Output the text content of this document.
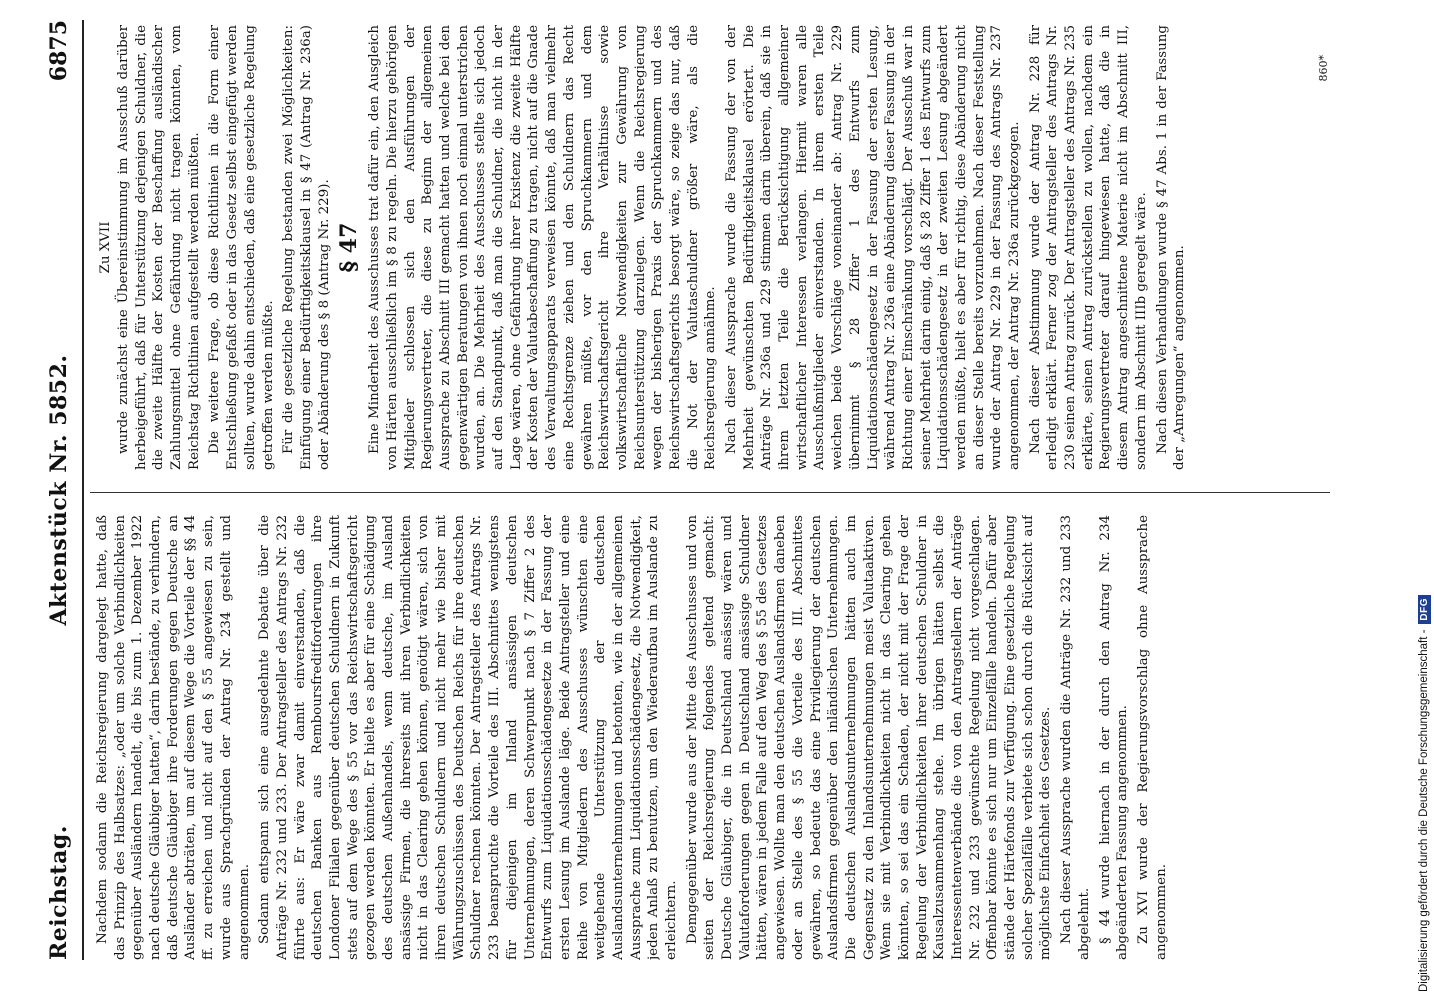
Reichstag.
Aktenstück Nr. 5852.
6875

Nachdem sodann die Reichsregierung dargelegt hatte, daß das Prinzip des Halbsatzes: „oder um solche Verbindlichkeiten gegenüber Ausländern handelt, die bis zum 1. Dezember 1922 nach deutsche Gläubiger hatten“, darin bestände, zu verhindern, daß deutsche Gläubiger ihre Forderungen gegen Deutsche an Ausländer abträten, um auf diesem Wege die Vorteile der §§ 44 ff. zu erreichen und nicht auf den § 55 angewiesen zu sein, wurde aus Sprachgründen der Antrag Nr. 234 gestellt und angenommen. Sodann entspann sich eine ausgedehnte Debatte über die Anträge Nr. 232 und 233. Der Antragsteller des Antrags Nr. 232 führte aus: Er wäre zwar damit einverstanden, daß die deutschen Banken aus Remboursfreditforderungen ihre Londoner Filialen gegenüber deutschen Schuldnern in Zukunft stets auf dem Wege des § 55 vor das Reichswirtschaftsgericht gezogen werden könnten. Er hielte es aber für eine Schädigung des deutschen Außenhandels, wenn deutsche, im Ausland ansässige Firmen, die ihrerseits mit ihren Verbindlichkeiten nicht in das Clearing gehen können, genötigt wären, sich von ihren deutschen Schuldnern und nicht mehr wie bisher mit Währungszuschüssen des Deutschen Reichs für ihre deutschen Schuldner rechnen könnten. Der Antragsteller des Antrags Nr. 233 beanspruchte die Vorteile des III. Abschnittes wenigstens für diejenigen im Inland ansässigen deutschen Unternehmungen, deren Schwerpunkt nach § 7 Ziffer 2 des Entwurfs zum Liquidationsschädengesetze in der Fassung der ersten Lesung im Auslande läge. Beide Antragsteller und eine Reihe von Mitgliedern des Ausschusses wünschten eine weitgehende Unterstützung der deutschen Auslandsunternehmungen und betonten, wie in der allgemeinen Aussprache zum Liquidationsschädengesetz, die Notwendigkeit, jeden Anlaß zu benutzen, um den Wiederaufbau im Auslande zu erleichtern. Demgegenüber wurde aus der Mitte des Ausschusses und von seiten der Reichsregierung folgendes geltend gemacht: Deutsche Gläubiger, die in Deutschland ansässig wären und Valutaforderungen gegen in Deutschland ansässige Schuldner hätten, wären in jedem Falle auf den Weg des § 55 des Gesetzes angewiesen. Wollte man den deutschen Auslandsfirmen daneben oder an Stelle des § 55 die Vorteile des III. Abschnittes gewähren, so bedeute das eine Privilegierung der deutschen Auslandsfirmen gegenüber den inländischen Unternehmungen. Die deutschen Auslandsunternehmungen hätten auch im Gegensatz zu den Inlandsunternehmungen meist Valutaaktiven. Wenn sie mit Verbindlichkeiten nicht in das Clearing gehen könnten, so sei das ein Schaden, der nicht mit der Frage der Regelung der Verbindlichkeiten ihrer deutschen Schuldner in Kausalzusammenhang stehe. Im übrigen hätten selbst die Interessentenverbände die von den Antragstellern der Anträge Nr. 232 und 233 gewünschte Regelung nicht vorgeschlagen. Offenbar könnte es sich nur um Einzelfälle handeln. Dafür aber stände der Härtefonds zur Verfügung. Eine gesetzliche Regelung solcher Spezialfälle verbiete sich schon durch die Rücksicht auf möglichste Einfachheit des Gesetzes. Nach dieser Aussprache wurden die Anträge Nr. 232 und 233 abgelehnt. § 44 wurde hiernach in der durch den Antrag Nr. 234 abgeänderten Fassung angenommen. Zu XVI wurde der Regierungsvorschlag ohne Aussprache angenommen.

Zu XVII wurde zunächst eine Übereinstimmung im Ausschuß darüber herbeigeführt, daß für Unterstützung derjenigen Schuldner, die die zweite Hälfte der Kosten der Beschaffung ausländischer Zahlungsmittel ohne Gefährdung nicht tragen könnten, vom Reichstag Richtlinien aufgestellt werden müßten. Die weitere Frage, ob diese Richtlinien in die Form einer Entschließung gefaßt oder in das Gesetz selbst eingefügt werden sollten, wurde dahin entschieden, daß eine gesetzliche Regelung getroffen werden müßte. Für die gesetzliche Regelung bestanden zwei Möglichkeiten: Einfügung einer Bedürftigkeitsklausel in § 47 (Antrag Nr. 236a) oder Abänderung des § 8 (Antrag Nr. 229). § 47 Eine Minderheit des Ausschusses trat dafür ein, den Ausgleich von Härten ausschließlich im § 8 zu regeln. Die hierzu gehörigen Mitglieder schlossen sich den Ausführungen der Regierungsvertreter, die diese zu Beginn der allgemeinen Aussprache zu Abschnitt III gemacht hatten und welche bei den gegenwärtigen Beratungen von ihnen noch einmal unterstrichen wurden, an. Die Mehrheit des Ausschusses stellte sich jedoch auf den Standpunkt, daß man die Schuldner, die nicht in der Lage wären, ohne Gefährdung ihrer Existenz die zweite Hälfte der Kosten der Valutabeschaffung zu tragen, nicht auf die Gnade des Verwaltungsapparats verweisen könnte, daß man vielmehr eine Rechtsgrenze ziehen und den Schuldnern das Recht gewähren müßte, vor den Spruchkammern und dem Reichswirtschaftsgericht ihre Verhältnisse sowie volkswirtschaftliche Notwendigkeiten zur Gewährung von Reichsunterstützung darzulegen. Wenn die Reichsregierung wegen der bisherigen Praxis der Spruchkammern und des Reichswirtschaftsgerichts besorgt wäre, so zeige das nur, daß die Not der Valutaschuldner größer wäre, als die Reichsregierung annähme. Nach dieser Aussprache wurde die Fassung der von der Mehrheit gewünschten Bedürftigkeitsklausel erörtert. Die Anträge Nr. 236a und 229 stimmen darin überein, daß sie in ihrem letzten Teile die Berücksichtigung allgemeiner wirtschaftlicher Interessen verlangen. Hiermit waren alle Ausschußmitglieder einverstanden. In ihrem ersten Teile weichen beide Vorschläge voneinander ab: Antrag Nr. 229 übernimmt § 28 Ziffer 1 des Entwurfs zum Liquidationsschädengesetz in der Fassung der ersten Lesung, während Antrag Nr. 236a eine Abänderung dieser Fassung in der Richtung einer Einschränkung vorschlägt. Der Ausschuß war in seiner Mehrheit darin einig, daß § 28 Ziffer 1 des Entwurfs zum Liquidationsschädengesetz in der zweiten Lesung abgeändert werden müßte, hielt es aber für richtig, diese Abänderung nicht an dieser Stelle bereits vorzunehmen. Nach dieser Feststellung wurde der Antrag Nr. 229 in der Fassung des Antrags Nr. 237 angenommen, der Antrag Nr. 236a zurückgezogen. Nach dieser Abstimmung wurde der Antrag Nr. 228 für erledigt erklärt. Ferner zog der Antragsteller des Antrags Nr. 230 seinen Antrag zurück. Der Antragsteller des Antrags Nr. 235 erklärte, seinen Antrag zurückstellen zu wollen, nachdem ein Regierungsvertreter darauf hingewiesen hatte, daß die in diesem Antrag angeschnittene Materie nicht im Abschnitt III, sondern im Abschnitt IIIb geregelt wäre. Nach diesen Verhandlungen wurde § 47 Abs. 1 in der Fassung der „Anregungen“ angenommen.

860*
Digitalisierung gefördert durch die Deutsche Forschungsgemeinschaft -
DFG
